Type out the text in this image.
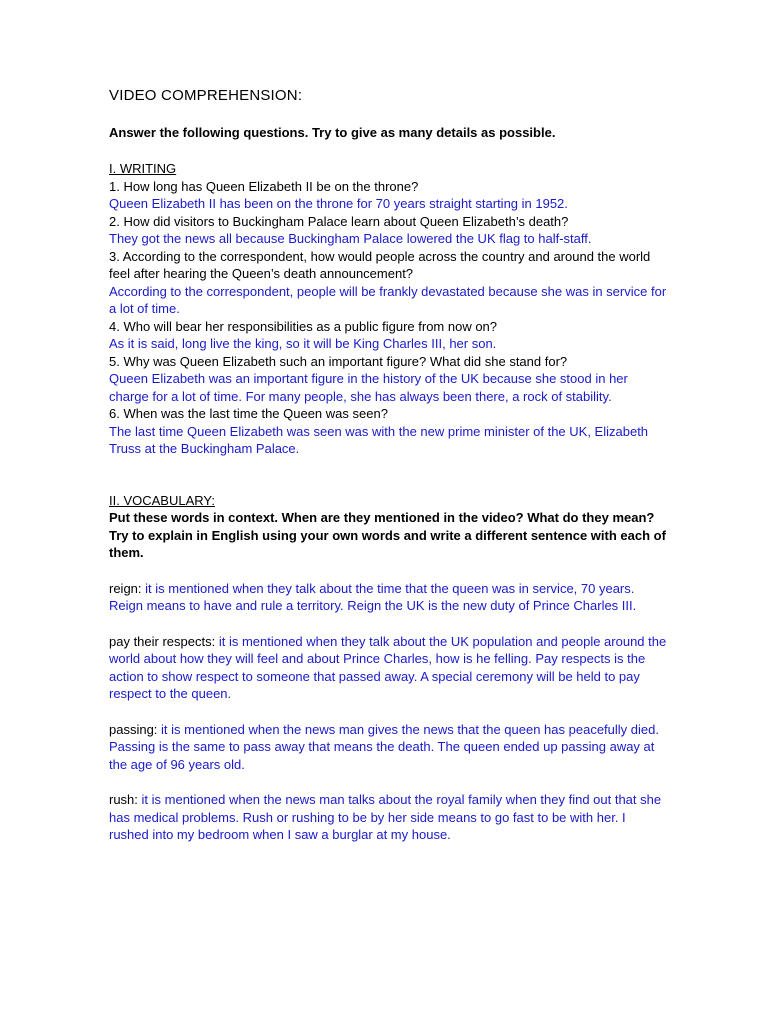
VIDEO COMPREHENSION:
Answer the following questions. Try to give as many details as possible.
I. WRITING
1. How long has Queen Elizabeth II be on the throne?
Queen Elizabeth II has been on the throne for 70 years straight starting in 1952.
2. How did visitors to Buckingham Palace learn about Queen Elizabeth’s death?
They got the news all because Buckingham Palace lowered the UK flag to half-staff.
3. According to the correspondent, how would people across the country and around the world feel after hearing the Queen’s death announcement?
According to the correspondent, people will be frankly devastated because she was in service for a lot of time.
4. Who will bear her responsibilities as a public figure from now on?
As it is said, long live the king, so it will be King Charles III, her son.
5. Why was Queen Elizabeth such an important figure? What did she stand for?
Queen Elizabeth was an important figure in the history of the UK because she stood in her charge for a lot of time. For many people, she has always been there, a rock of stability.
6. When was the last time the Queen was seen?
The last time Queen Elizabeth was seen was with the new prime minister of the UK, Elizabeth Truss at the Buckingham Palace.
II. VOCABULARY:
Put these words in context. When are they mentioned in the video? What do they mean? Try to explain in English using your own words and write a different sentence with each of them.
reign: it is mentioned when they talk about the time that the queen was in service, 70 years. Reign means to have and rule a territory. Reign the UK is the new duty of Prince Charles III.
pay their respects: it is mentioned when they talk about the UK population and people around the world about how they will feel and about Prince Charles, how is he felling. Pay respects is the action to show respect to someone that passed away. A special ceremony will be held to pay respect to the queen.
passing: it is mentioned when the news man gives the news that the queen has peacefully died. Passing is the same to pass away that means the death. The queen ended up passing away at the age of 96 years old.
rush: it is mentioned when the news man talks about the royal family when they find out that she has medical problems. Rush or rushing to be by her side means to go fast to be with her. I rushed into my bedroom when I saw a burglar at my house.
